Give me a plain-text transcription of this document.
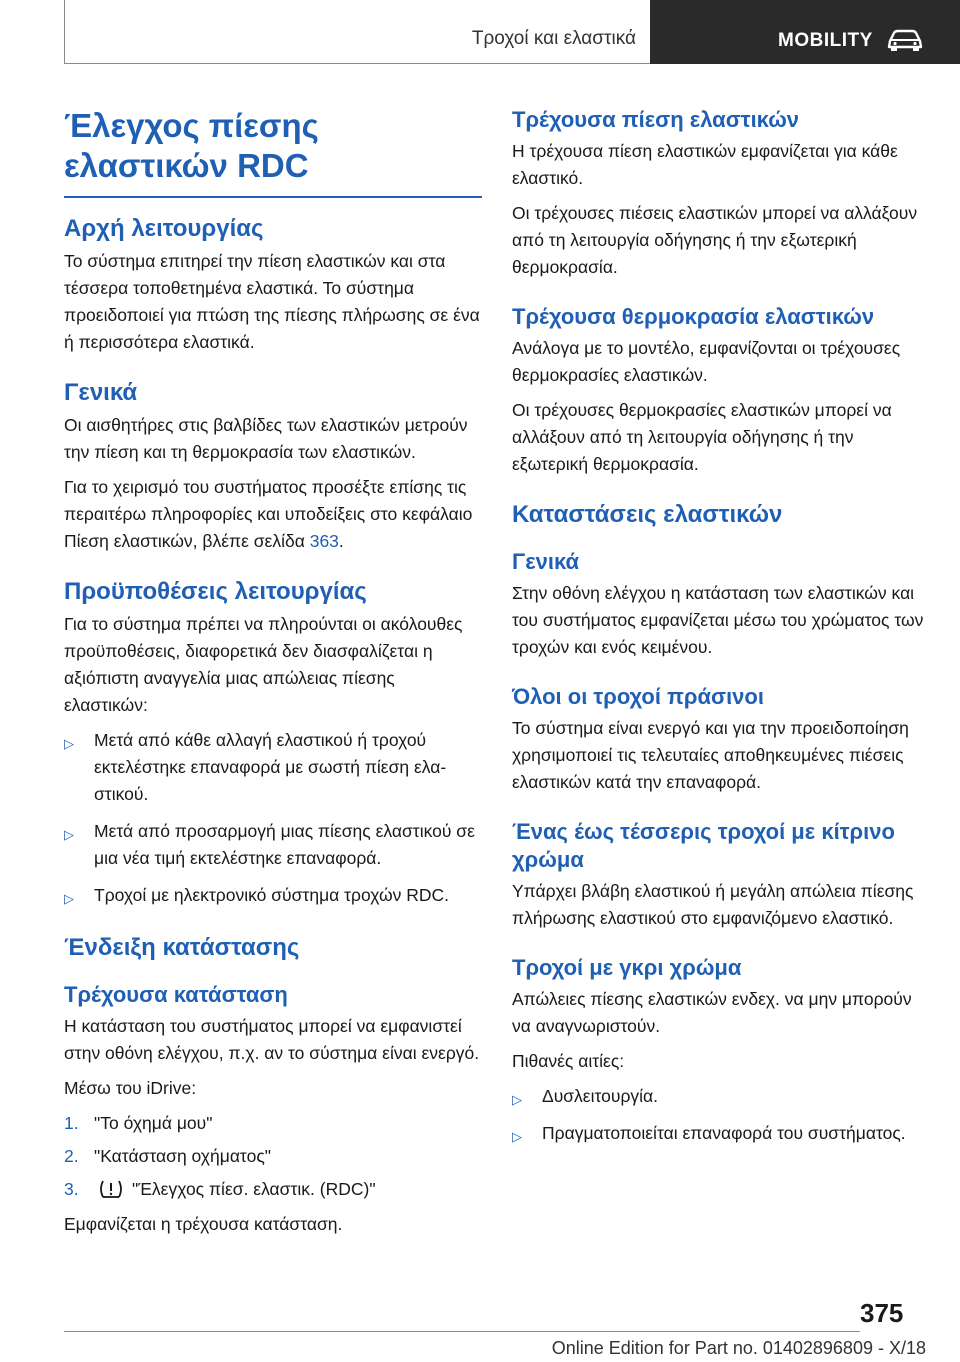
Τροχοί και ελαστικά	MOBILITY
Έλεγχος πίεσης ελαστικών RDC
Αρχή λειτουργίας

Το σύστημα επιτηρεί την πίεση ελαστικών και στα τέσσερα τοποθετημένα ελαστικά. Το σύστημα προειδοποιεί για πτώση της πίεσης πλήρωσης σε ένα ή περισσότερα ελαστικά.

Γενικά

Οι αισθητήρες στις βαλβίδες των ελαστικών μετρούν την πίεση και τη θερμοκρασία των ελαστικών.

Για το χειρισμό του συστήματος προσέξτε επίσης τις περαιτέρω πληροφορίες και υποδείξεις στο κεφάλαιο Πίεση ελαστικών, βλέπε σελίδα 363.

Προϋποθέσεις λειτουργίας

Για το σύστημα πρέπει να πληρούνται οι ακόλουθες προϋποθέσεις, διαφορετικά δεν διασφαλίζεται η αξιόπιστη αναγγελία μιας απώλειας πίεσης ελαστικών:

▷ Μετά από κάθε αλλαγή ελαστικού ή τροχού εκτελέστηκε επαναφορά με σωστή πίεση ελαστικού.
▷ Μετά από προσαρμογή μιας πίεσης ελαστικού σε μια νέα τιμή εκτελέστηκε επαναφορά.
▷ Τροχοί με ηλεκτρονικό σύστημα τροχών RDC.
Ένδειξη κατάστασης
Τρέχουσα κατάσταση

Η κατάσταση του συστήματος μπορεί να εμφανιστεί στην οθόνη ελέγχου, π.χ. αν το σύστημα είναι ενεργό.

Μέσω του iDrive:

1. "Το όχημά μου"
2. "Κατάσταση οχήματος"
3.	"Έλεγχος πίεσ. ελαστικ. (RDC)"

Εμφανίζεται η τρέχουσα κατάσταση.

Τρέχουσα πίεση ελαστικών

Η τρέχουσα πίεση ελαστικών εμφανίζεται για κάθε ελαστικό.

Οι τρέχουσες πιέσεις ελαστικών μπορεί να αλλάξουν από τη λειτουργία οδήγησης ή την εξωτερική θερμοκρασία.

Τρέχουσα θερμοκρασία ελαστικών

Ανάλογα με το μοντέλο, εμφανίζονται οι τρέχουσες θερμοκρασίες ελαστικών.

Οι τρέχουσες θερμοκρασίες ελαστικών μπορεί να αλλάξουν από τη λειτουργία οδήγησης ή την εξωτερική θερμοκρασία.

Καταστάσεις ελαστικών
Γενικά

Στην οθόνη ελέγχου η κατάσταση των ελαστικών και του συστήματος εμφανίζεται μέσω του χρώματος των τροχών και ενός κειμένου.

Όλοι οι τροχοί πράσινοι

Το σύστημα είναι ενεργό και για την προειδοποίηση χρησιμοποιεί τις τελευταίες αποθηκευμένες πιέσεις ελαστικών κατά την επαναφορά.

Ένας έως τέσσερις τροχοί με κίτρινο χρώμα

Υπάρχει βλάβη ελαστικού ή μεγάλη απώλεια πίεσης πλήρωσης ελαστικού στο εμφανιζόμενο ελαστικό.

Τροχοί με γκρι χρώμα

Απώλειες πίεσης ελαστικών ενδεχ. να μην μπορούν να αναγνωριστούν.

Πιθανές αιτίες:

▷ Δυσλειτουργία.
▷ Πραγματοποιείται επαναφορά του συστήματος.
375
Online Edition for Part no. 01402896809 - X/18
